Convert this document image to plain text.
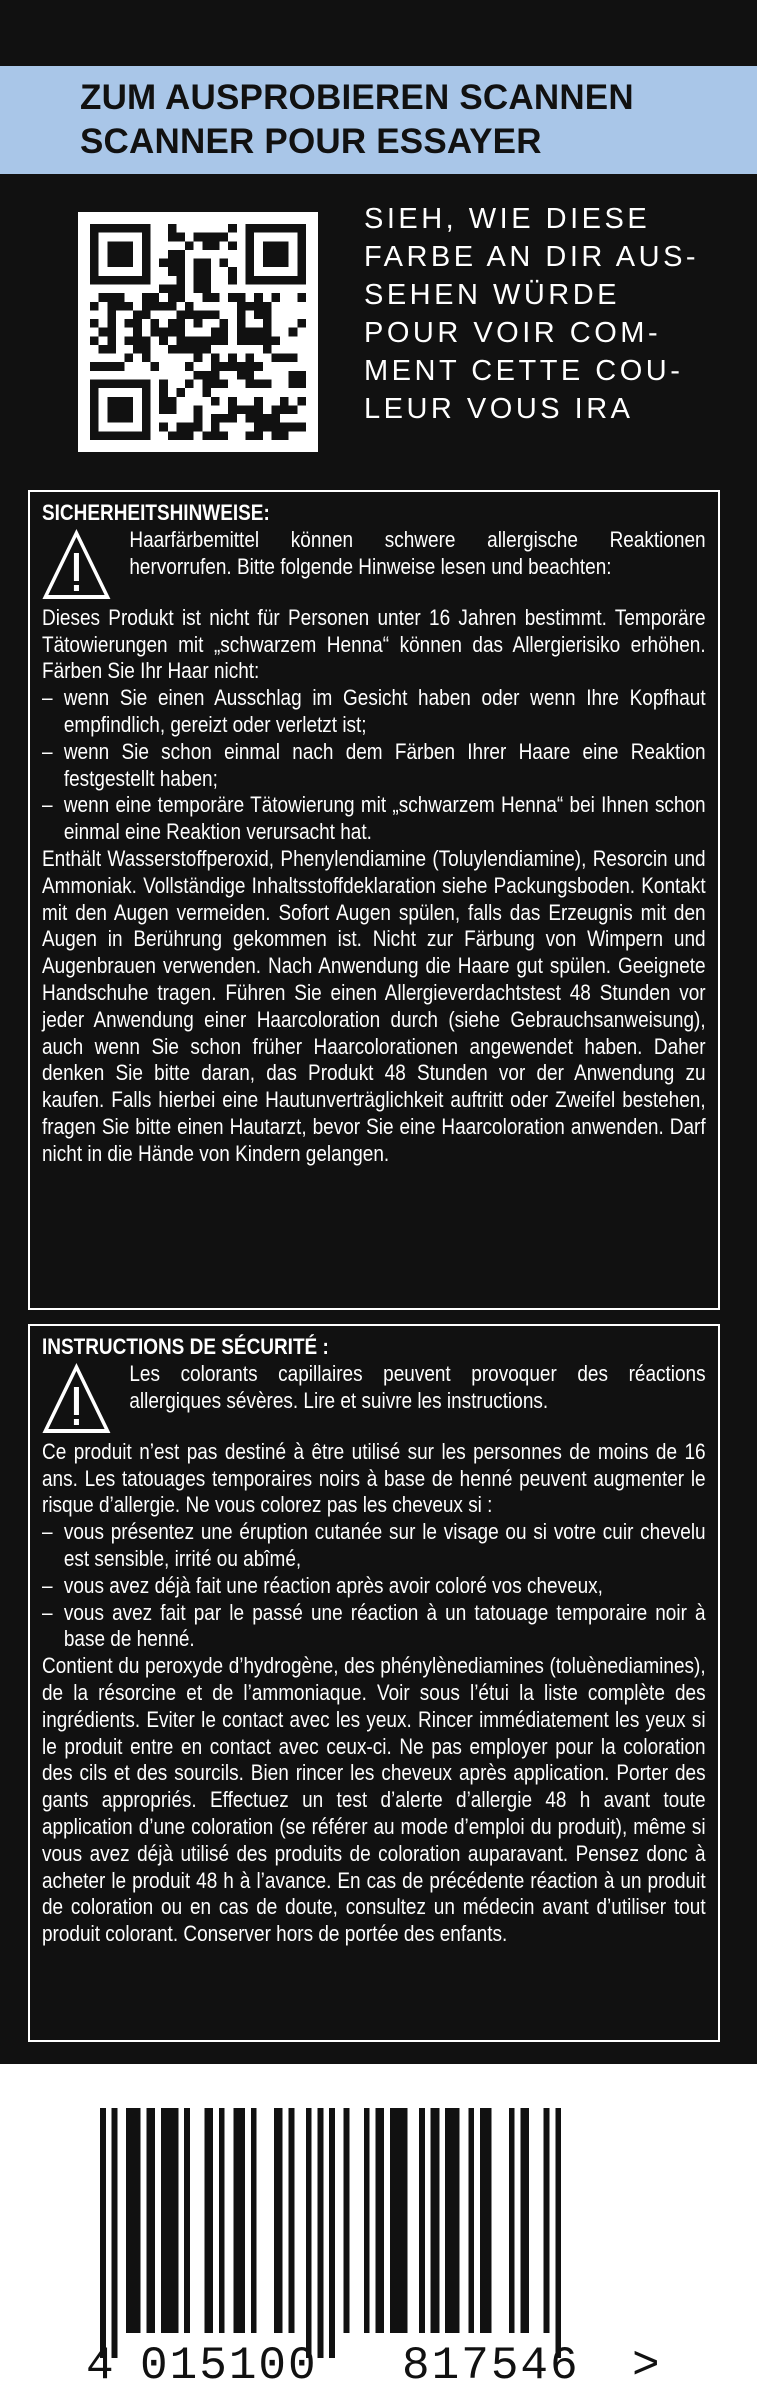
ZUM AUSPROBIEREN SCANNEN
SCANNER POUR ESSAYER
SIEH, WIE DIESE
FARBE AN DIR AUS-
SEHEN WÜRDE
POUR VOIR COM-
MENT CETTE COU-
LEUR VOUS IRA
SICHERHEITSHINWEISE:
Haarfärbemittel können schwere allergische Reaktionen hervorrufen. Bitte folgende Hinweise lesen und beachten:
Dieses Produkt ist nicht für Personen unter 16 Jahren bestimmt. Temporäre Tätowierungen mit „schwarzem Henna“ können das Allergierisiko erhöhen. Färben Sie Ihr Haar nicht:
– wenn Sie einen Ausschlag im Gesicht haben oder wenn Ihre Kopfhaut empfindlich, gereizt oder verletzt ist;
– wenn Sie schon einmal nach dem Färben Ihrer Haare eine Reaktion festgestellt haben;
– wenn eine temporäre Tätowierung mit „schwarzem Henna“ bei Ihnen schon einmal eine Reaktion verursacht hat.
Enthält Wasserstoffperoxid, Phenylendiamine (Toluylendiamine), Resorcin und Ammoniak. Vollständige Inhaltsstoffdeklaration siehe Packungsboden. Kontakt mit den Augen vermeiden. Sofort Augen spülen, falls das Erzeugnis mit den Augen in Berührung gekommen ist. Nicht zur Färbung von Wimpern und Augenbrauen verwenden. Nach Anwendung die Haare gut spülen. Geeignete Handschuhe tragen. Führen Sie einen Allergieverdachtstest 48 Stunden vor jeder Anwendung einer Haarcoloration durch (siehe Gebrauchsanweisung), auch wenn Sie schon früher Haarcolorationen angewendet haben. Daher denken Sie bitte daran, das Produkt 48 Stunden vor der Anwendung zu kaufen. Falls hierbei eine Hautunverträglichkeit auftritt oder Zweifel bestehen, fragen Sie bitte einen Hautarzt, bevor Sie eine Haarcoloration anwenden. Darf nicht in die Hände von Kindern gelangen.
INSTRUCTIONS DE SÉCURITÉ :
Les colorants capillaires peuvent provoquer des réactions allergiques sévères. Lire et suivre les instructions.
Ce produit n’est pas destiné à être utilisé sur les personnes de moins de 16 ans. Les tatouages temporaires noirs à base de henné peuvent augmenter le risque d’allergie. Ne vous colorez pas les cheveux si :
– vous présentez une éruption cutanée sur le visage ou si votre cuir chevelu est sensible, irrité ou abîmé,
– vous avez déjà fait une réaction après avoir coloré vos cheveux,
– vous avez fait par le passé une réaction à un tatouage temporaire noir à base de henné.
Contient du peroxyde d’hydrogène, des phénylènediamines (toluènediamines), de la résorcine et de l’ammoniaque. Voir sous l’étui la liste complète des ingrédients. Eviter le contact avec les yeux. Rincer immédiatement les yeux si le produit entre en contact avec ceux-ci. Ne pas employer pour la coloration des cils et des sourcils. Bien rincer les cheveux après application. Porter des gants appropriés. Effectuez un test d’alerte d’allergie 48 h avant toute application d’une coloration (se référer au mode d’emploi du produit), même si vous avez déjà utilisé des produits de coloration auparavant. Pensez donc à acheter le produit 48 h à l’avance. En cas de précédente réaction à un produit de coloration ou en cas de doute, consultez un médecin avant d’utiliser tout produit colorant. Conserver hors de portée des enfants.
4 015100 817546 >
